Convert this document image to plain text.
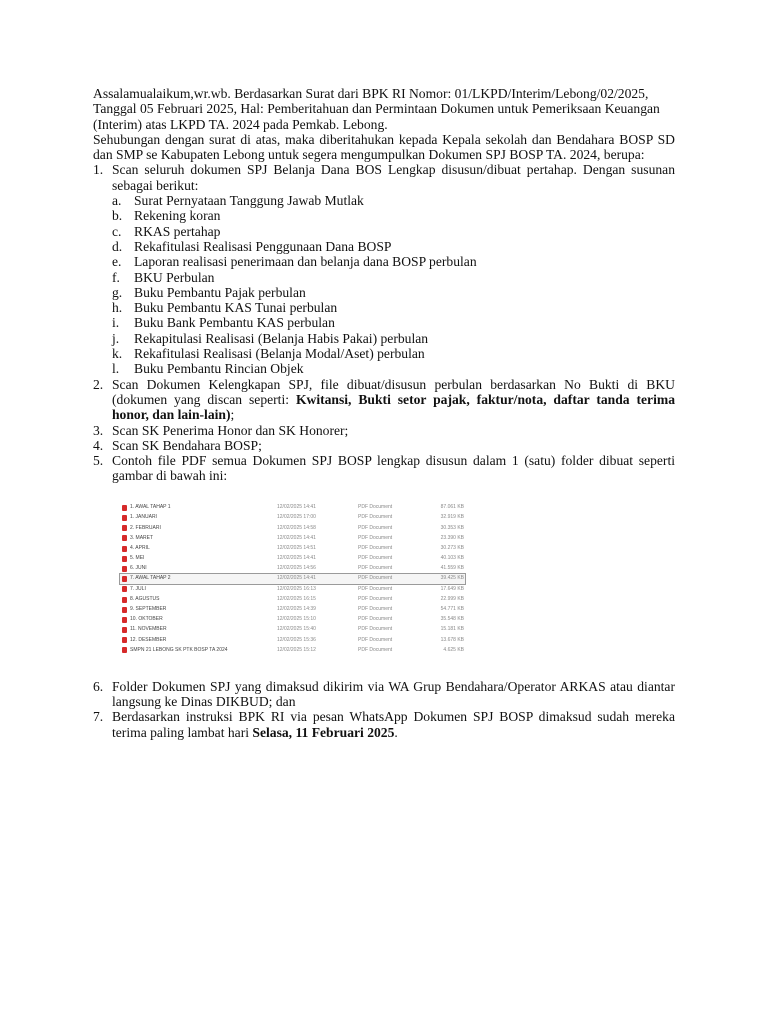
Assalamualaikum,wr.wb. Berdasarkan Surat dari BPK RI Nomor: 01/LKPD/Interim/Lebong/02/2025, Tanggal 05 Februari 2025, Hal: Pemberitahuan dan Permintaan Dokumen untuk Pemeriksaan Keuangan (Interim) atas LKPD TA. 2024 pada Pemkab. Lebong.

Sehubungan dengan surat di atas, maka diberitahukan kepada Kepala sekolah dan Bendahara BOSP SD dan SMP se Kabupaten Lebong untuk segera mengumpulkan Dokumen SPJ BOSP TA. 2024, berupa:

1. Scan seluruh dokumen SPJ Belanja Dana BOS Lengkap disusun/dibuat pertahap. Dengan susunan sebagai berikut:
a. Surat Pernyataan Tanggung Jawab Mutlak
b. Rekening koran
c. RKAS pertahap
d. Rekafitulasi Realisasi Penggunaan Dana BOSP
e. Laporan realisasi penerimaan dan belanja dana BOSP perbulan
f.	BKU Perbulan
g. Buku Pembantu Pajak perbulan
h. Buku Pembantu KAS Tunai perbulan
i.	Buku Bank Pembantu KAS perbulan
j.	Rekapitulasi Realisasi (Belanja Habis Pakai) perbulan
k. Rekafitulasi Realisasi (Belanja Modal/Aset) perbulan
l.	Buku Pembantu Rincian Objek
2. Scan Dokumen Kelengkapan SPJ, file dibuat/disusun perbulan berdasarkan No Bukti di BKU (dokumen yang discan seperti: Kwitansi, Bukti setor pajak, faktur/nota, daftar tanda terima honor, dan lain-lain);
3. Scan SK Penerima Honor dan SK Honorer;
4. Scan SK Bendahara BOSP;
5. Contoh file PDF semua Dokumen SPJ BOSP lengkap disusun dalam 1 (satu) folder dibuat seperti gambar di bawah ini:
1. AWAL TAHAP 1	12/02/2025 14:41	PDF Document	87.061 KB
1. JANUARI	12/02/2025 17:00	PDF Document	32.919 KB
2. FEBRUARI	12/02/2025 14:58	PDF Document	30.353 KB
3. MARET	12/02/2025 14:41	PDF Document	23.390 KB
4. APRIL	12/02/2025 14:51	PDF Document	30.273 KB
5. MEI	12/02/2025 14:41	PDF Document	40.103 KB
6. JUNI	12/02/2025 14:56	PDF Document	41.559 KB
7. AWAL TAHAP 2	12/02/2025 14:41	PDF Document	39.425 KB
7. JULI	12/02/2025 16:13	PDF Document	17.649 KB
8. AGUSTUS	12/02/2025 16:15	PDF Document	22.999 KB
9. SEPTEMBER	12/02/2025 14:39	PDF Document	54.771 KB
10. OKTOBER	12/02/2025 15:10	PDF Document	35.548 KB
11. NOVEMBER	12/02/2025 15:40	PDF Document	15.181 KB
12. DESEMBER	12/02/2025 15:36	PDF Document	13.678 KB
SMPN 21 LEBONG SK PTK BOSP TA 2024	12/02/2025 15:12	PDF Document	4.625 KB
6. Folder Dokumen SPJ yang dimaksud dikirim via WA Grup Bendahara/Operator ARKAS atau diantar langsung ke Dinas DIKBUD; dan
7. Berdasarkan instruksi BPK RI via pesan WhatsApp Dokumen SPJ BOSP dimaksud sudah mereka terima paling lambat hari Selasa, 11 Februari 2025.
